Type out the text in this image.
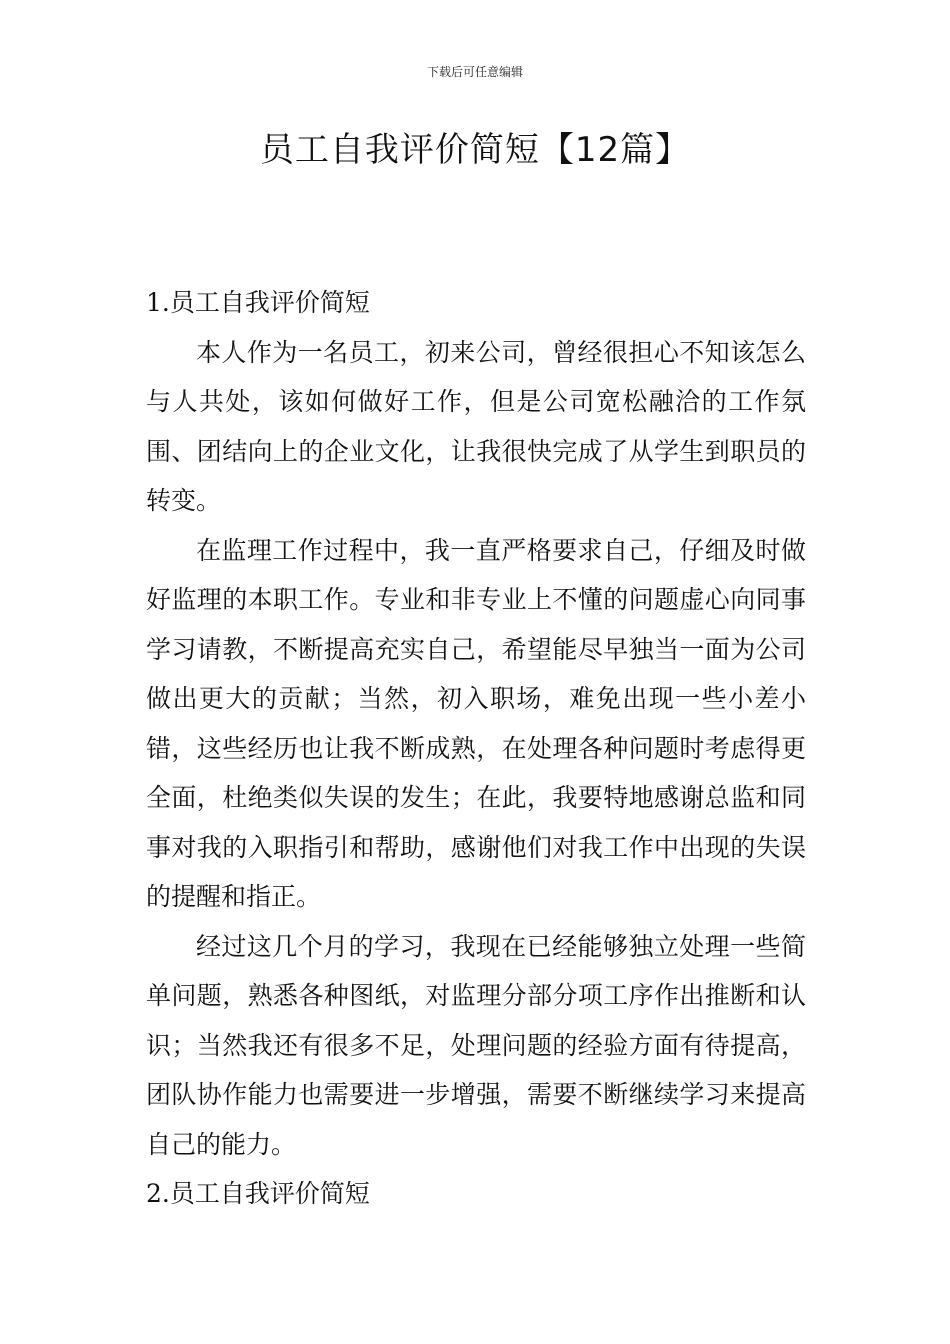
下载后可任意编辑
员工自我评价简短【12篇】
1.员工自我评价简短

本人作为一名员工，初来公司，曾经很担心不知该怎么与人共处，该如何做好工作，但是公司宽松融洽的工作氛围、团结向上的企业文化，让我很快完成了从学生到职员的转变。

在监理工作过程中，我一直严格要求自己，仔细及时做好监理的本职工作。专业和非专业上不懂的问题虚心向同事学习请教，不断提高充实自己，希望能尽早独当一面为公司做出更大的贡献；当然，初入职场，难免出现一些小差小错，这些经历也让我不断成熟，在处理各种问题时考虑得更全面，杜绝类似失误的发生；在此，我要特地感谢总监和同事对我的入职指引和帮助，感谢他们对我工作中出现的失误的提醒和指正。

经过这几个月的学习，我现在已经能够独立处理一些简单问题，熟悉各种图纸，对监理分部分项工序作出推断和认识；当然我还有很多不足，处理问题的经验方面有待提高，团队协作能力也需要进一步增强，需要不断继续学习来提高自己的能力。

2.员工自我评价简短
